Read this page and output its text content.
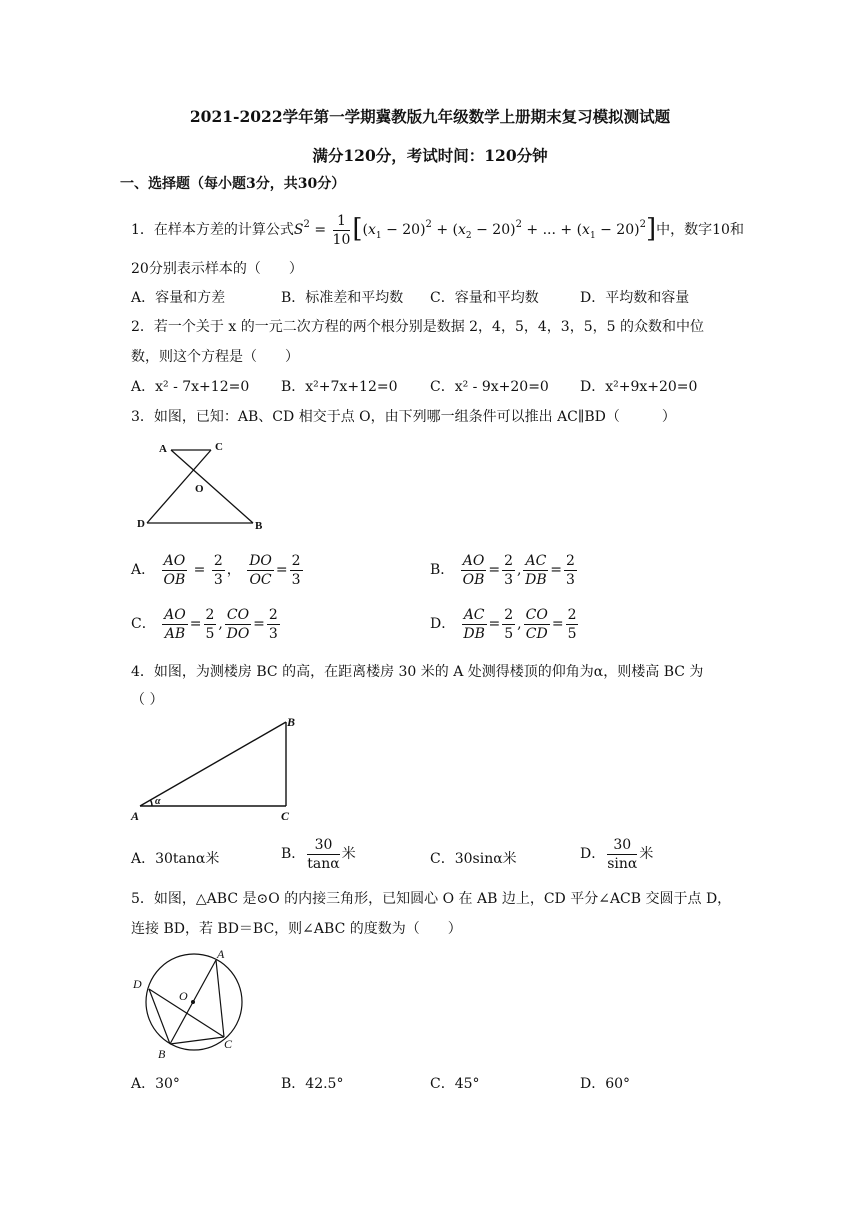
2021-2022学年第一学期冀教版九年级数学上册期末复习模拟测试题
满分120分，考试时间：120分钟
一、选择题（每小题3分，共30分）
1．在样本方差的计算公式$S^2 = \frac{1}{10} [(x_1 - 20)^2 + (x_2 - 20)^2$ + ... + $(x_1 - 20)^2$]中，数字10和
20分别表示样本的（　　）
A．容量和方差	B．标准差和平均数 C．容量和平均数	D．平均数和容量
2．若一个关于 x 的一元二次方程的两个根分别是数据 2，4，5，4，3，5，5 的众数和中位
数，则这个方程是（　　）
A．x² - 7x+12=0 B．x²+7x+12=0 C．x² - 9x+20=0 D．x²+9x+20=0
3．如图，已知：AB、CD 相交于点 O，由下列哪一组条件可以推出 AC∥BD（　　　）
A	C
O
D	B
A． $\frac{AO}{OB} = \frac{2}{3}$ ， $\frac{DO}{OC} = \frac{2}{3}$	B． $\frac{AO}{OB} = \frac{2}{3}$ , $\frac{AC}{DB} = \frac{2}{3}$
C． $\frac{AO}{AB} = \frac{2}{5}$ , $\frac{CO}{DO} = \frac{2}{3}$	D． $\frac{AC}{DB} = \frac{2}{5}$ , $\frac{CO}{CD} = \frac{2}{5}$
4．如图，为测楼房 BC 的高，在距离楼房 30 米的 A 处测得楼顶的仰角为α，则楼高 BC 为
（ ）
B
α
A	C
A．30tanα米	B． $\frac{30}{\tan\alpha}$ 米	C．30sinα米	D． $\frac{30}{\sin\alpha}$ 米
5．如图，△ABC 是⊙O 的内接三角形，已知圆心 O 在 AB 边上，CD 平分∠ACB 交圆于点 D，
连接 BD，若 BD＝BC，则∠ABC 的度数为（　　）
A
D
O
B
C
A．30°	B．42.5°	C．45°	D．60°
